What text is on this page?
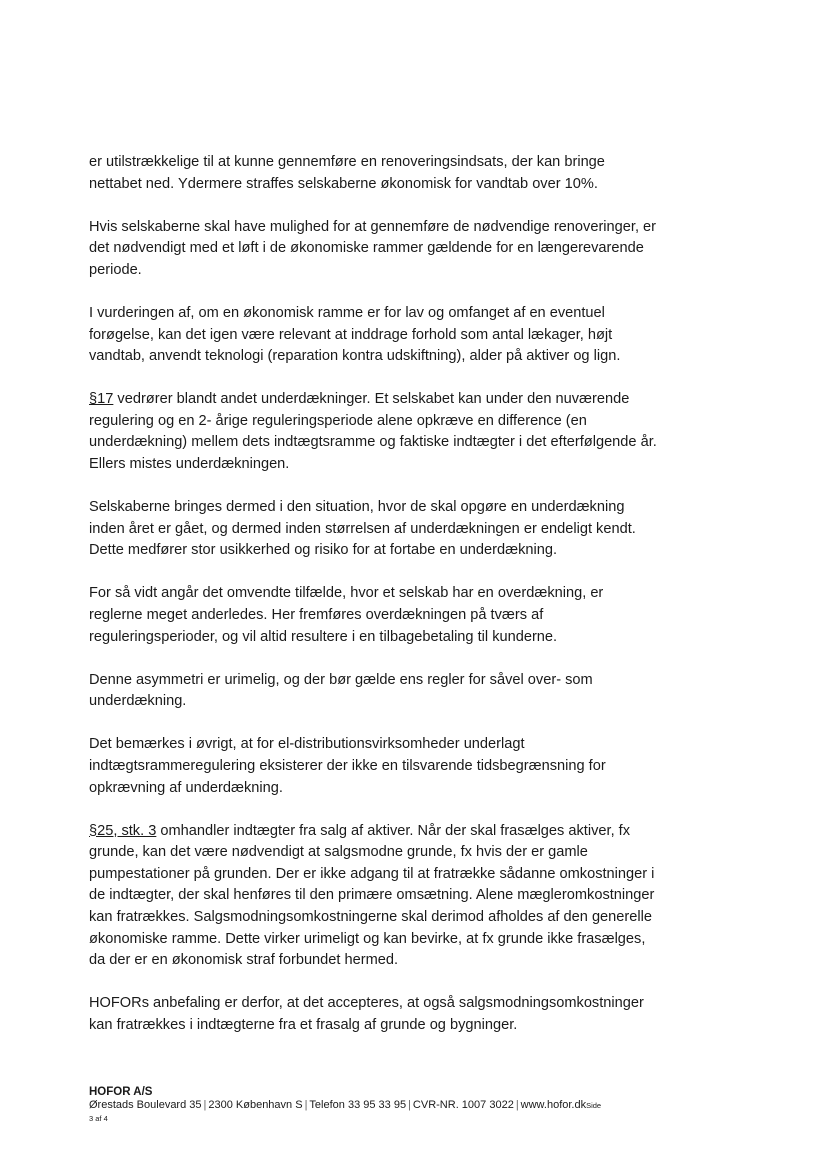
er utilstrækkelige til at kunne gennemføre en renoveringsindsats, der kan bringe
nettabet ned. Ydermere straffes selskaberne økonomisk for vandtab over 10%.

Hvis selskaberne skal have mulighed for at gennemføre de nødvendige renoveringer, er
det nødvendigt med et løft i de økonomiske rammer gældende for en længerevarende
periode.

I vurderingen af, om en økonomisk ramme er for lav og omfanget af en eventuel
forøgelse, kan det igen være relevant at inddrage forhold som antal lækager, højt
vandtab, anvendt teknologi (reparation kontra udskiftning), alder på aktiver og lign.

§17 vedrører blandt andet underdækninger. Et selskabet kan under den nuværende
regulering og en 2- årige reguleringsperiode alene opkræve en difference (en
underdækning) mellem dets indtægtsramme og faktiske indtægter i det efterfølgende år.
Ellers mistes underdækningen.

Selskaberne bringes dermed i den situation, hvor de skal opgøre en underdækning
inden året er gået, og dermed inden størrelsen af underdækningen er endeligt kendt.
Dette medfører stor usikkerhed og risiko for at fortabe en underdækning.

For så vidt angår det omvendte tilfælde, hvor et selskab har en overdækning, er
reglerne meget anderledes. Her fremføres overdækningen på tværs af
reguleringsperioder, og vil altid resultere i en tilbagebetaling til kunderne.

Denne asymmetri er urimelig, og der bør gælde ens regler for såvel over- som
underdækning.

Det bemærkes i øvrigt, at for el-distributionsvirksomheder underlagt
indtægtsrammeregulering eksisterer der ikke en tilsvarende tidsbegrænsning for
opkrævning af underdækning.

§25, stk. 3 omhandler indtægter fra salg af aktiver. Når der skal frasælges aktiver, fx
grunde, kan det være nødvendigt at salgsmodne grunde, fx hvis der er gamle
pumpestationer på grunden. Der er ikke adgang til at fratrække sådanne omkostninger i
de indtægter, der skal henføres til den primære omsætning. Alene mægleromkostninger
kan fratrækkes. Salgsmodningsomkostningerne skal derimod afholdes af den generelle
økonomiske ramme. Dette virker urimeligt og kan bevirke, at fx grunde ikke frasælges,
da der er en økonomisk straf forbundet hermed.

HOFORs anbefaling er derfor, at det accepteres, at også salgsmodningsomkostninger
kan fratrækkes i indtægterne fra et frasalg af grunde og bygninger.

HOFOR A/S
Ørestads Boulevard 35 | 2300 København S | Telefon 33 95 33 95 | CVR-NR. 1007 3022 | www.hofor.dkSide
3 af 4
